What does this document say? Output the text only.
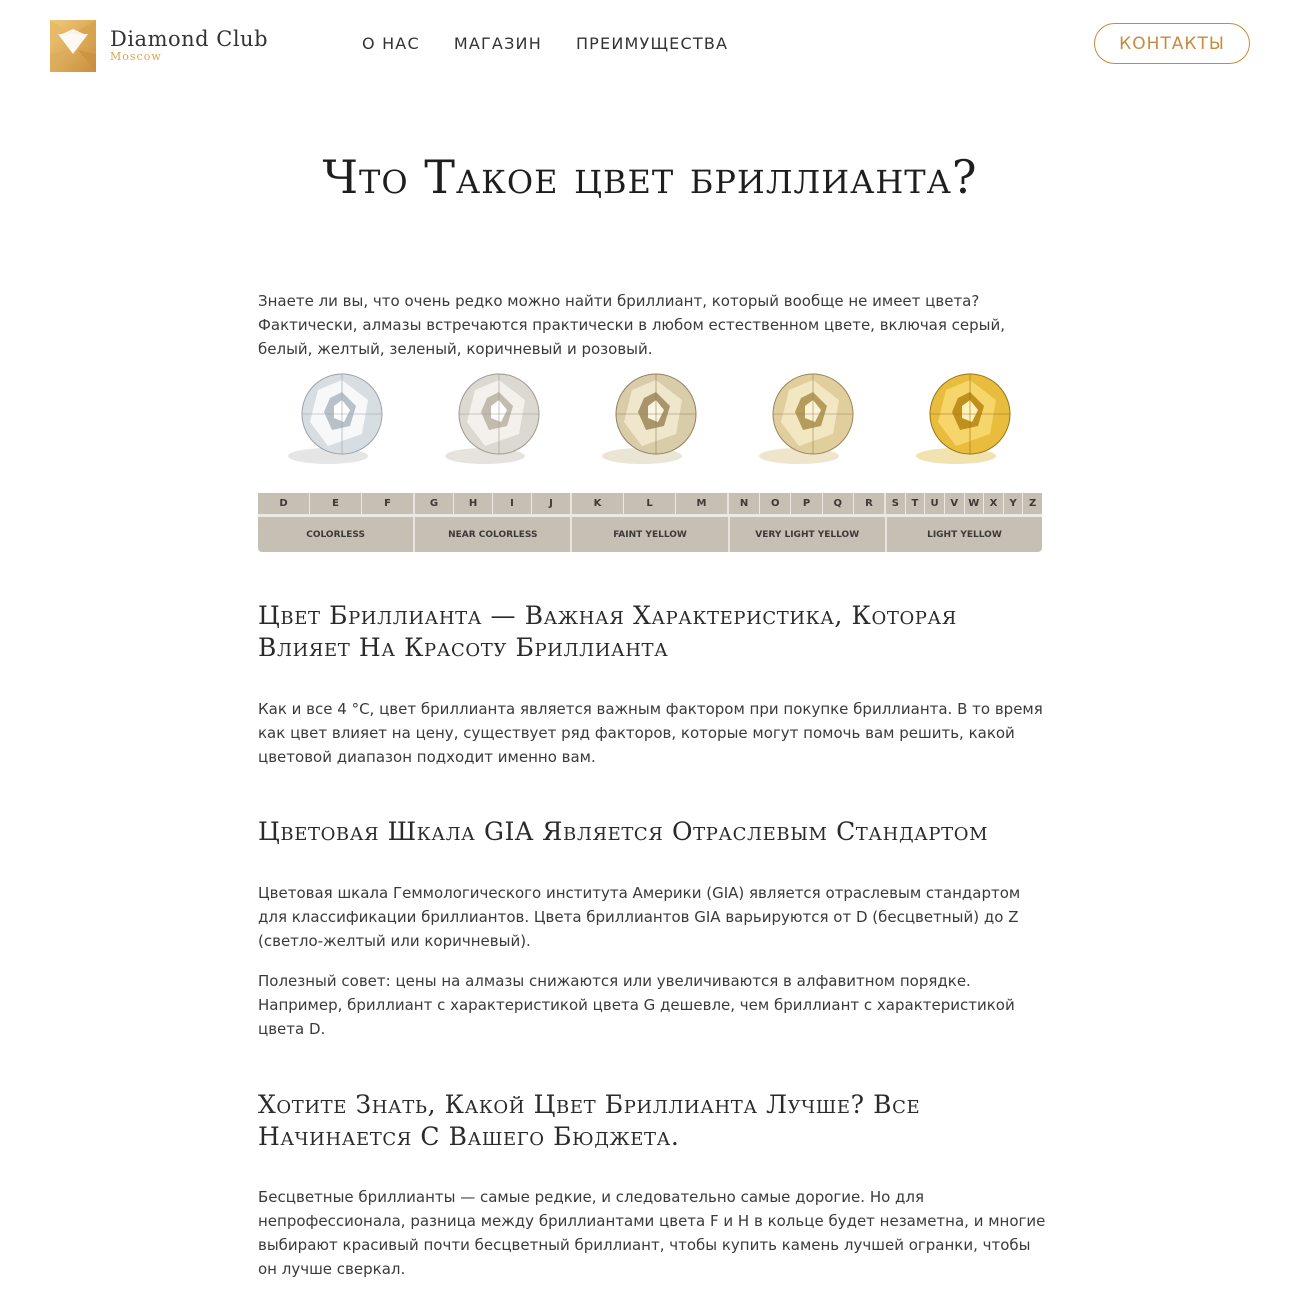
Diamond Club
Moscow
О НАС МАГАЗИН ПРЕИМУЩЕСТВА	КОНТАКТЫ
Что Такое цвет бриллианта?

Знаете ли вы, что очень редко можно найти бриллиант, который вообще не имеет цвета? Фактически, алмазы встречаются практически в любом естественном цвете, включая серый, белый, желтый, зеленый, коричневый и розовый.

D	E	F	G	H	I	J	K	L	M	N	O	P	Q	R	S	T	U	V	W	X	Y	Z
COLORLESS	NEAR COLORLESS	FAINT YELLOW	VERY LIGHT YELLOW	LIGHT YELLOW
Цвет Бриллианта — Важная Характеристика, Которая Влияет На Красоту Бриллианта

Как и все 4 °C, цвет бриллианта является важным фактором при покупке бриллианта. В то время как цвет влияет на цену, существует ряд факторов, которые могут помочь вам решить, какой цветовой диапазон подходит именно вам.

Цветовая Шкала GIA Является Отраслевым Стандартом

Цветовая шкала Геммологического института Америки (GIA) является отраслевым стандартом для классификации бриллиантов. Цвета бриллиантов GIA варьируются от D (бесцветный) до Z (светло-желтый или коричневый).

Полезный совет: цены на алмазы снижаются или увеличиваются в алфавитном порядке. Например, бриллиант с характеристикой цвета G дешевле, чем бриллиант с характеристикой цвета D.

Хотите Знать, Какой Цвет Бриллианта Лучше? Все Начинается С Вашего Бюджета.

Бесцветные бриллианты — самые редкие, и следовательно самые дорогие. Но для непрофессионала, разница между бриллиантами цвета F и H в кольце будет незаметна, и многие выбирают красивый почти бесцветный бриллиант, чтобы купить камень лучшей огранки, чтобы он лучше сверкал.
